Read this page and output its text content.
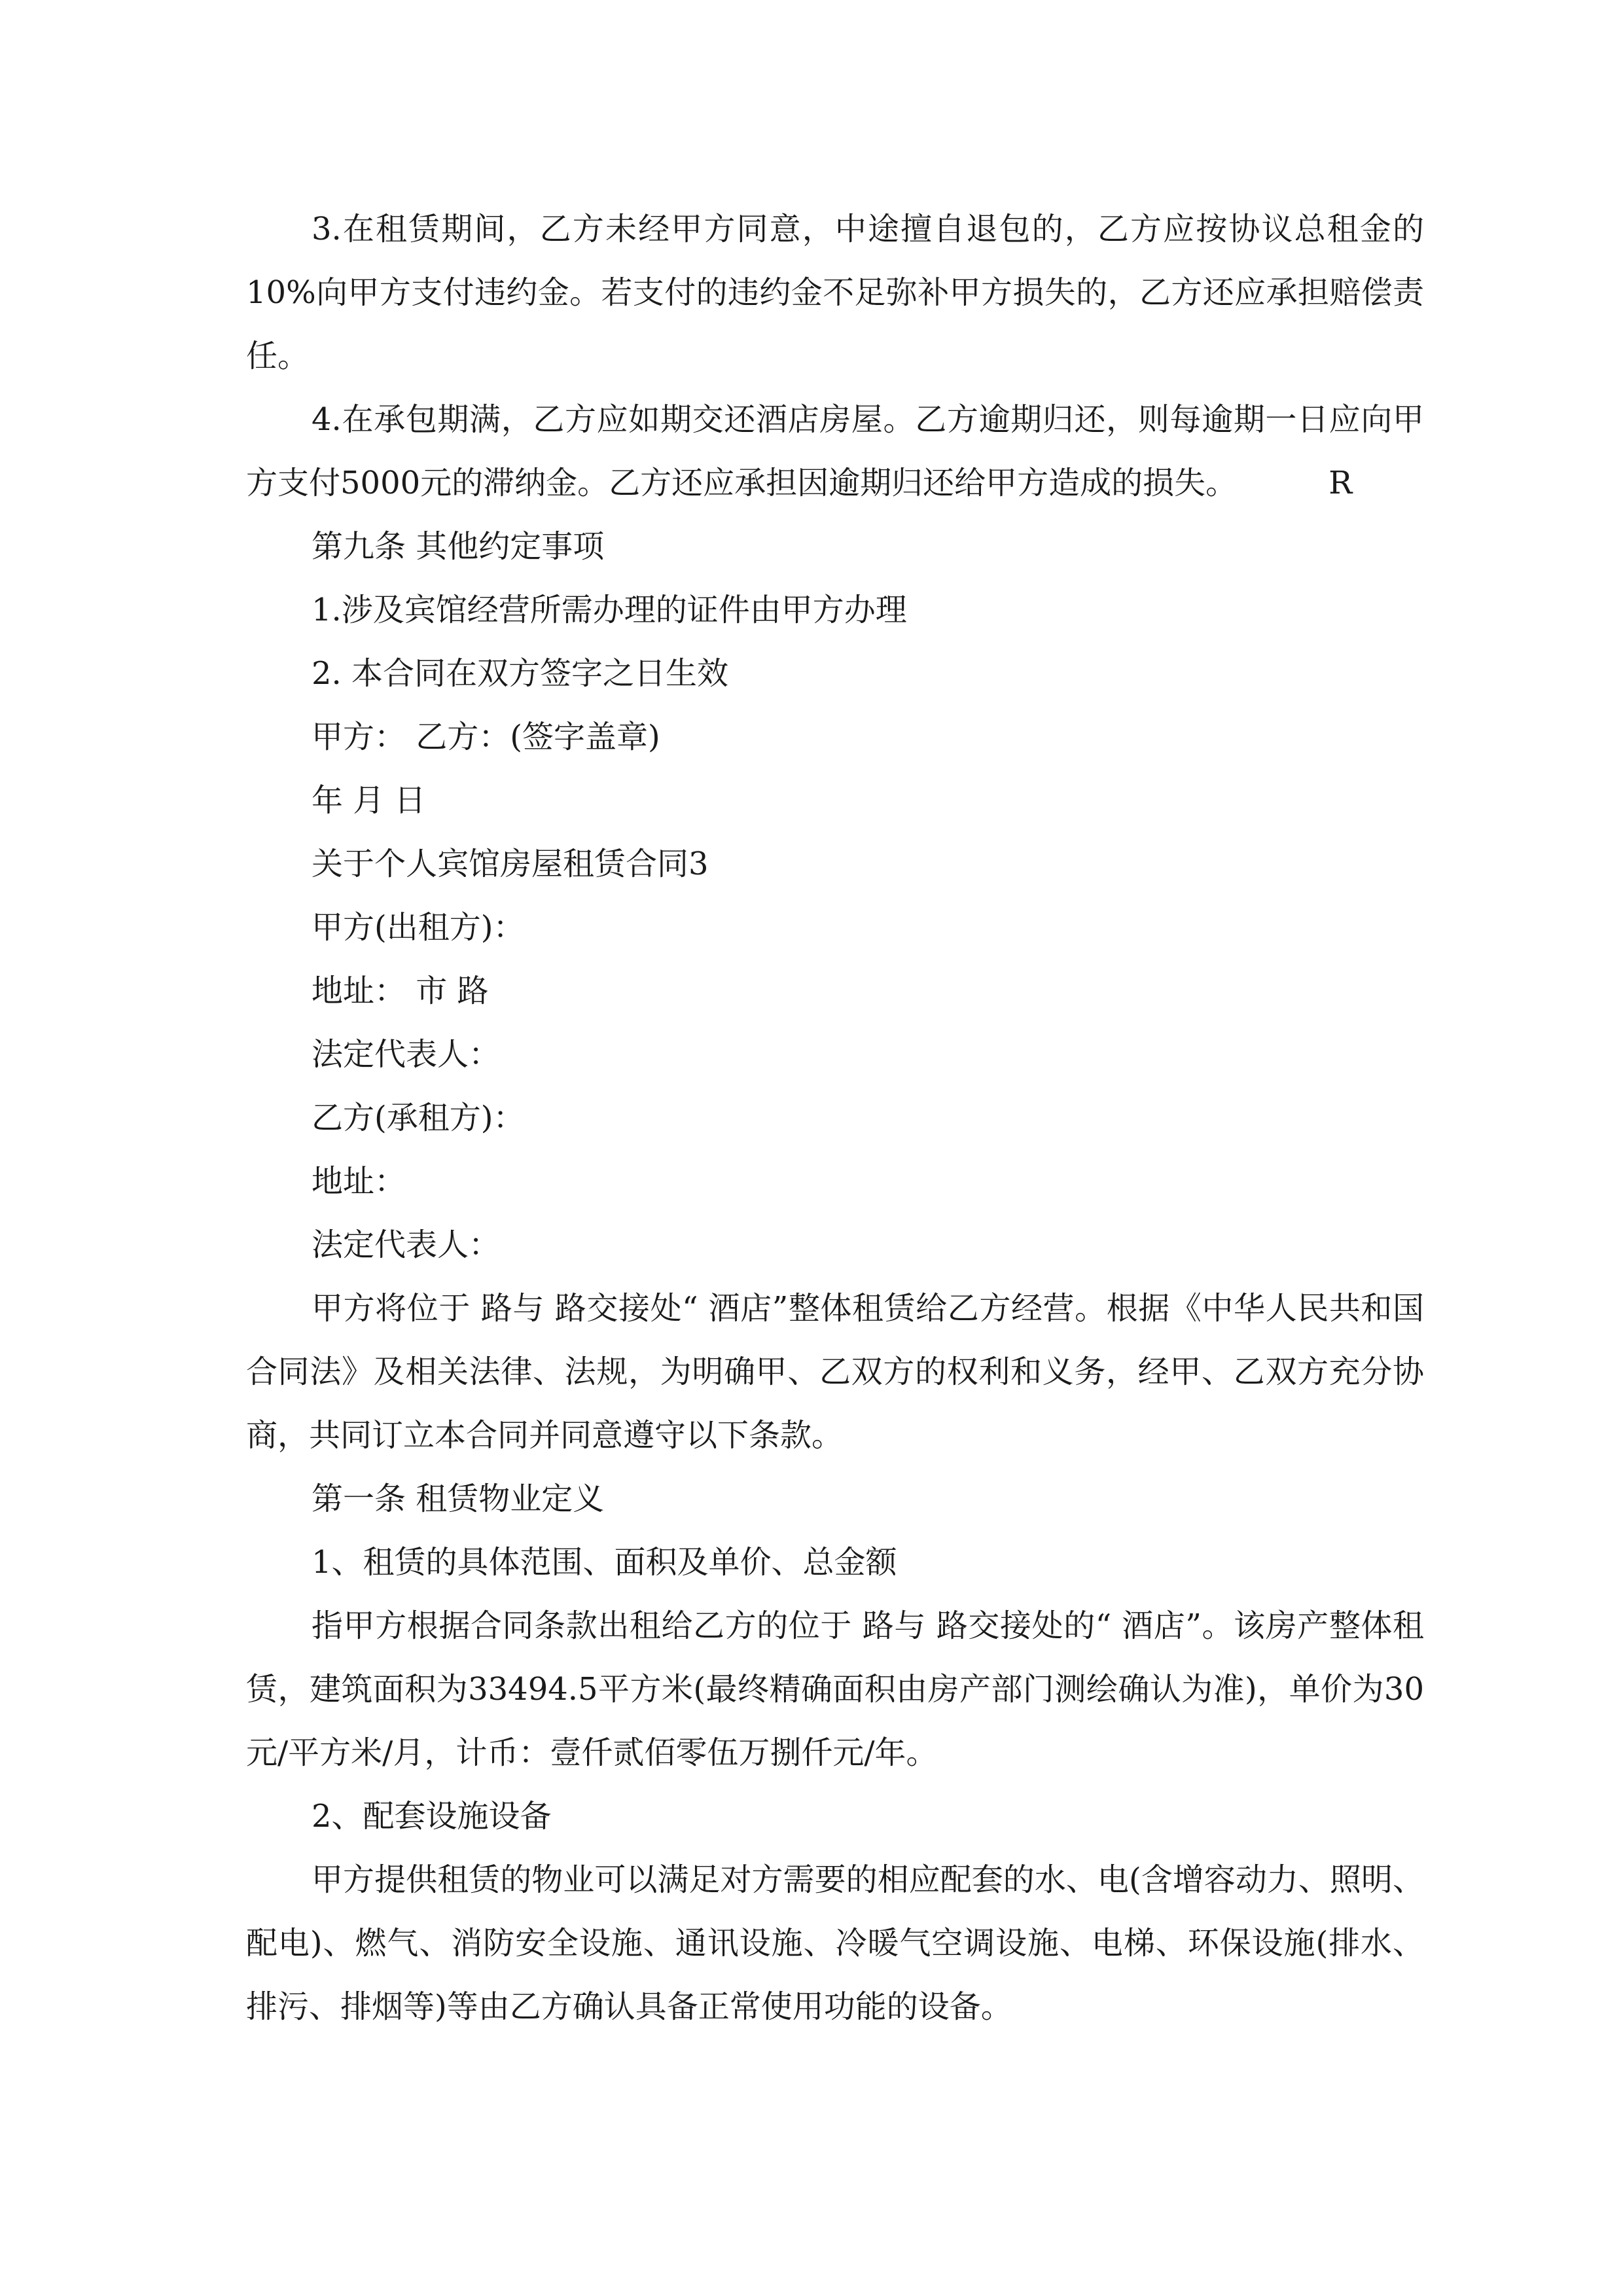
3.在租赁期间，乙方未经甲方同意，中途擅自退包的，乙方应按协议总租金的10%向甲方支付违约金。若支付的违约金不足弥补甲方损失的，乙方还应承担赔偿责任。

4.在承包期满，乙方应如期交还酒店房屋。乙方逾期归还，则每逾期一日应向甲方支付5000元的滞纳金。乙方还应承担因逾期归还给甲方造成的损失。	R

第九条 其他约定事项

1.涉及宾馆经营所需办理的证件由甲方办理

2. 本合同在双方签字之日生效

甲方： 乙方：(签字盖章)

年 月 日

关于个人宾馆房屋租赁合同3

甲方(出租方)：

地址： 市 路

法定代表人：

乙方(承租方)：

地址：

法定代表人：

甲方将位于 路与 路交接处“ 酒店”整体租赁给乙方经营。根据《中华人民共和国合同法》及相关法律、法规，为明确甲、乙双方的权利和义务，经甲、乙双方充分协商，共同订立本合同并同意遵守以下条款。

第一条 租赁物业定义

1、租赁的具体范围、面积及单价、总金额

指甲方根据合同条款出租给乙方的位于 路与 路交接处的“ 酒店”。该房产整体租赁，建筑面积为33494.5平方米(最终精确面积由房产部门测绘确认为准)，单价为30元/平方米/月，计币：壹仟贰佰零伍万捌仟元/年。

2、配套设施设备

甲方提供租赁的物业可以满足对方需要的相应配套的水、电(含增容动力、照明、配电)、燃气、消防安全设施、通讯设施、冷暖气空调设施、电梯、环保设施(排水、排污、排烟等)等由乙方确认具备正常使用功能的设备。
